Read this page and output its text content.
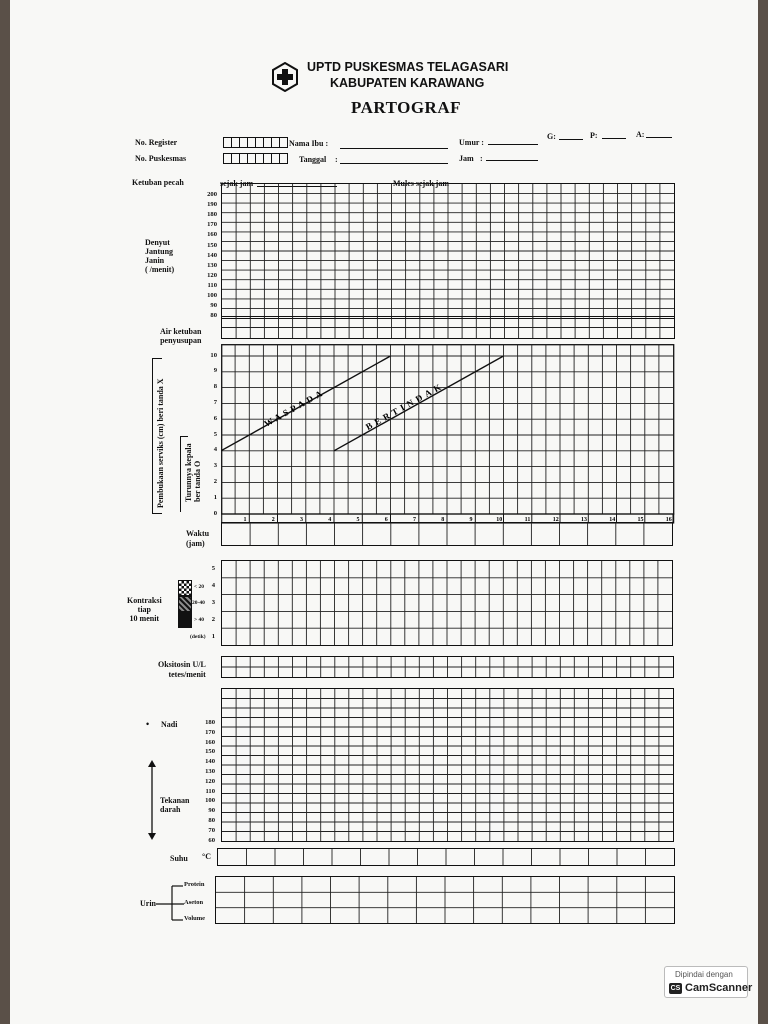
UPTD PUSKESMAS TELAGASARI
KABUPATEN KARAWANG
PARTOGRAF
No. Register	Nama Ibu :	Umur :
G:	P:	A:
No. Puskesmas	Tanggal :	Jam :
Ketuban pecah	sejak jam	Mules sejak jam
Denyut
Jantung
Janin
( /menit)
200
190
180
170
160
150
140
130
120
110
100
90
80
Air ketuban
penyusupan
Pembukaan serviks (cm) beri tanda X Turunnya kepala ber tanda O
10
9
8
7
6
5
4
3
2
1
0
1	2	3	4	5	6	7	8	9	10	11	12	13	14	15	16
WASPADA	BERTINDAK
Waktu
(jam)
Kontraksi
tiap
10 menit
< 20
20-40
> 40
(detik)
5
4
3
2
1
Oksitosin U/L
tetes/menit
• Nadi
Tekanan
darah
180
170
160
150
140
130
120
110
100
90
80
70
60
Suhu °C
Urin
Protein
Aseton
Volume
Dipindai dengan
CS CamScanner
